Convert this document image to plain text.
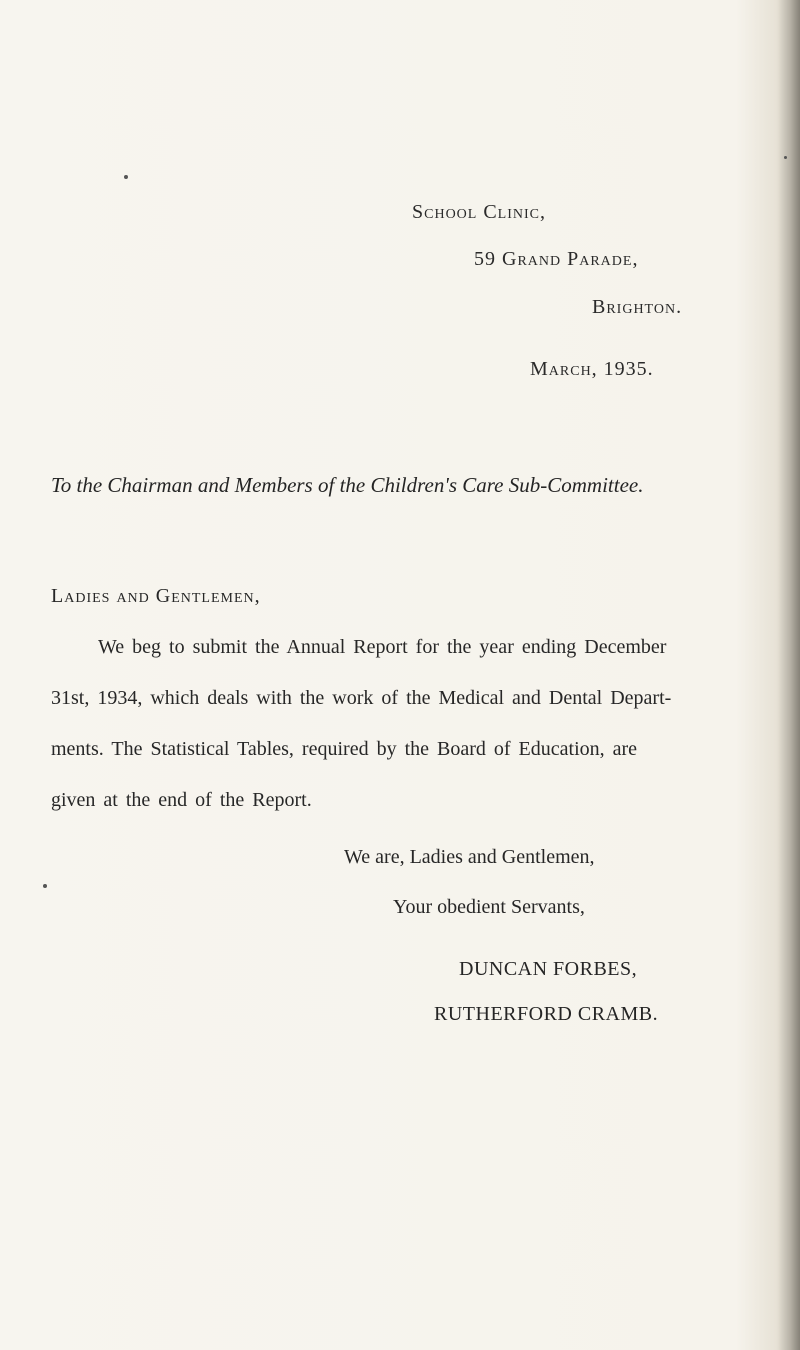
School Clinic,
59 Grand Parade,
Brighton.
March, 1935.
To the Chairman and Members of the Children's Care Sub-Committee.
Ladies and Gentlemen,
We beg to submit the Annual Report for the year ending December
31st, 1934, which deals with the work of the Medical and Dental Depart-
ments. The Statistical Tables, required by the Board of Education, are
given at the end of the Report.
We are, Ladies and Gentlemen,
Your obedient Servants,
DUNCAN FORBES,
RUTHERFORD CRAMB.
